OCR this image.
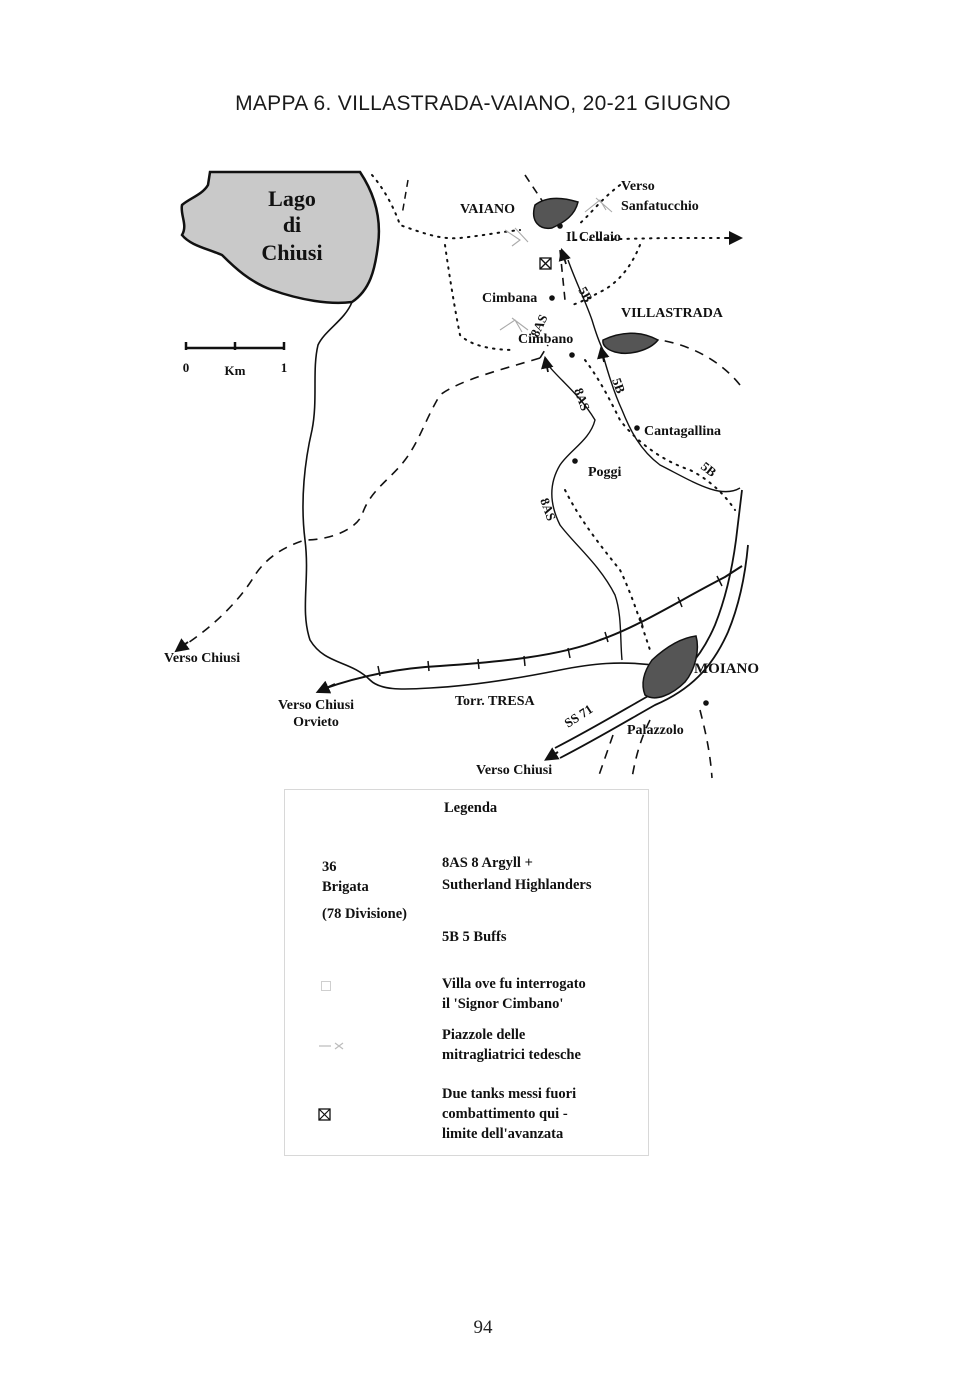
MAPPA 6. VILLASTRADA-VAIANO, 20-21 GIUGNO
Lago
di
Chiusi
0	Km	1
VAIANO
Il Cellaio
Verso
Sanfatucchio
Cimbana
Cimbano
VILLASTRADA
Cantagallina
Poggi
MOIANO
Palazzolo
Torr. TRESA
Verso Chiusi
Verso Chiusi
Orvieto
Verso Chiusi
5B
5B
5B
8AS
8AS
8AS
SS 71
Legenda
36
Brigata
(78 Divisione)
8AS 8 Argyll +
Sutherland Highlanders
5B 5 Buffs
Villa ove fu interrogato
il 'Signor Cimbano'
Piazzole delle
mitragliatrici tedesche
Due tanks messi fuori
combattimento qui -
limite dell'avanzata
94
